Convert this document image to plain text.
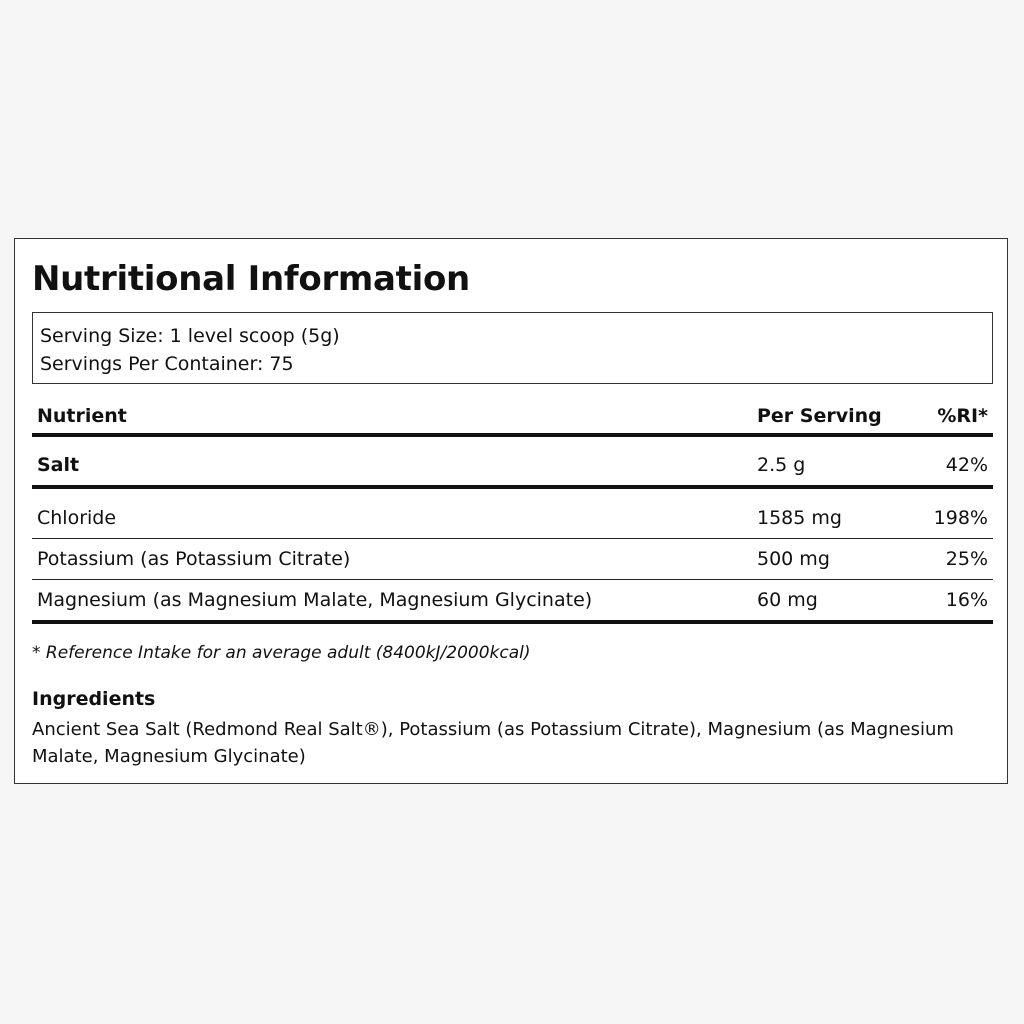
Nutritional Information
Serving Size: 1 level scoop (5g)
Servings Per Container: 75
Nutrient	Per Serving	%RI*
Salt	2.5 g	42%
Chloride	1585 mg	198%
Potassium (as Potassium Citrate)	500 mg	25%
Magnesium (as Magnesium Malate, Magnesium Glycinate)	60 mg	16%
* Reference Intake for an average adult (8400kJ/2000kcal)
Ingredients
Ancient Sea Salt (Redmond Real Salt®), Potassium (as Potassium Citrate), Magnesium (as Magnesium Malate, Magnesium Glycinate)
